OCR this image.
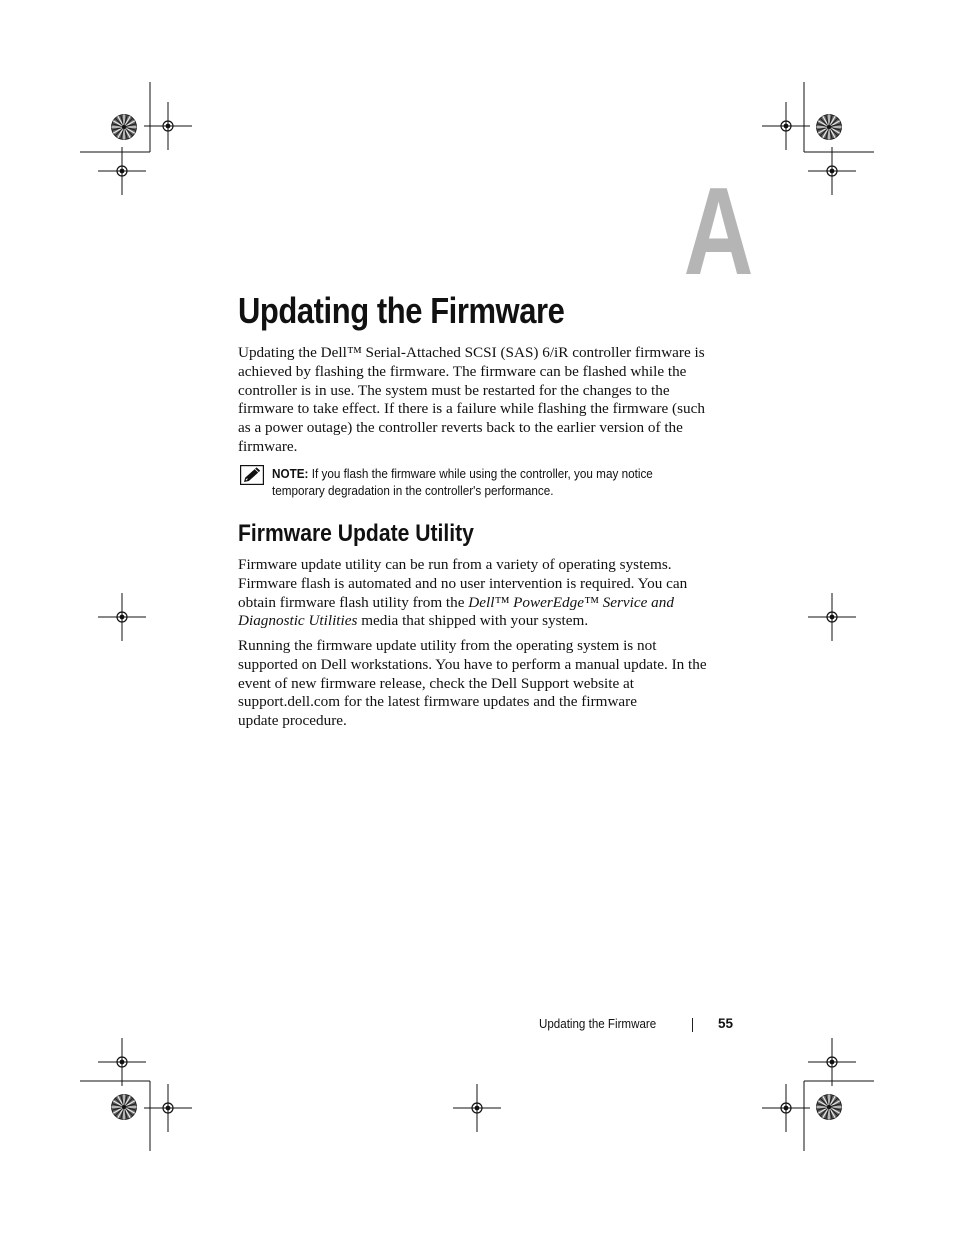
A
Updating the Firmware
Updating the Dell™ Serial-Attached SCSI (SAS) 6/iR controller firmware is
achieved by flashing the firmware. The firmware can be flashed while the
controller is in use. The system must be restarted for the changes to the
firmware to take effect. If there is a failure while flashing the firmware (such
as a power outage) the controller reverts back to the earlier version of the
firmware.
NOTE: If you flash the firmware while using the controller, you may notice
temporary degradation in the controller's performance.
Firmware Update Utility
Firmware update utility can be run from a variety of operating systems.
Firmware flash is automated and no user intervention is required. You can
obtain firmware flash utility from the Dell™ PowerEdge™ Service and
Diagnostic Utilities media that shipped with your system.
Running the firmware update utility from the operating system is not
supported on Dell workstations. You have to perform a manual update. In the
event of new firmware release, check the Dell Support website at
support.dell.com for the latest firmware updates and the firmware
update procedure.
Updating the Firmware	55
